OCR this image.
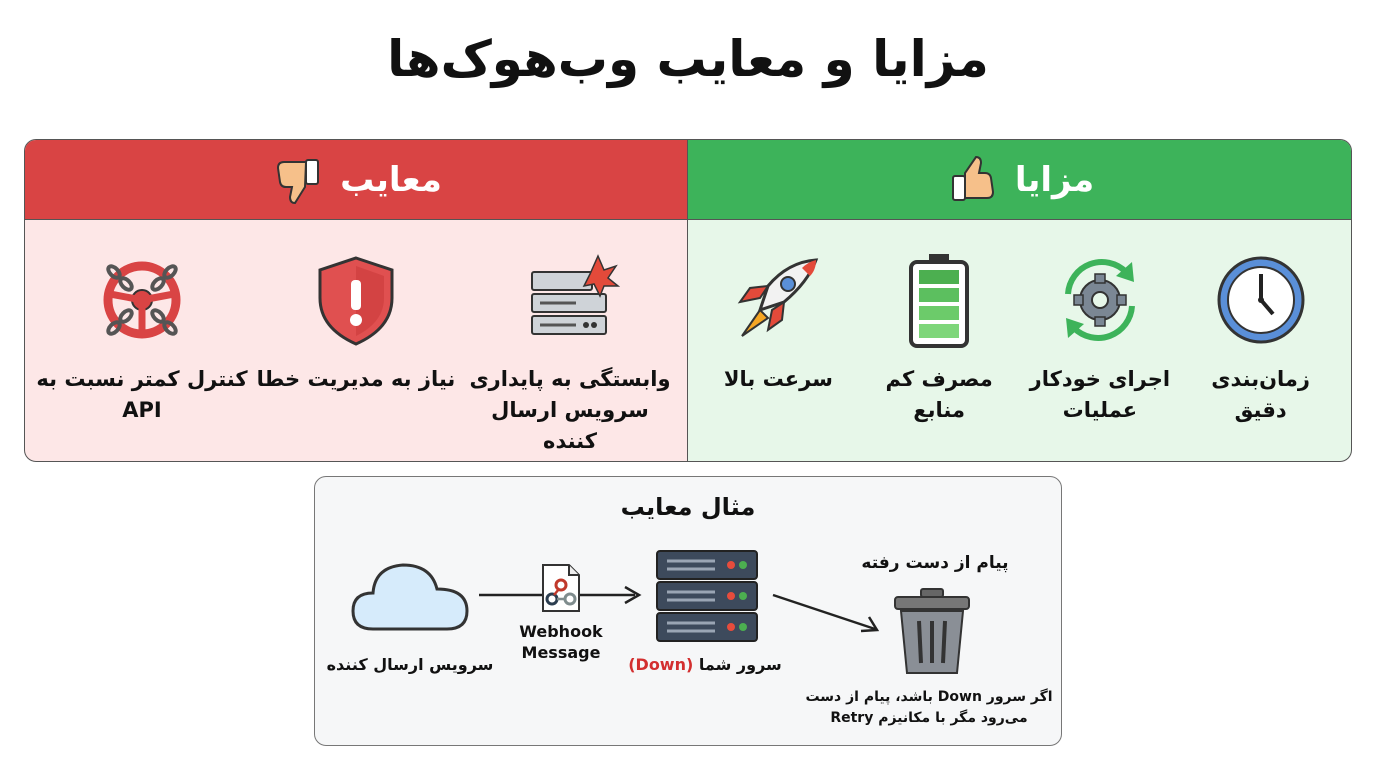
مزایا و معایب وب‌هوک‌ها
معایب
وابستگی به پایداری سرویس ارسال کننده
نیاز به مدیریت خطا
کنترل کمتر نسبت به API
مزایا
زمان‌بندی دقیق
اجرای خودکار عملیات
مصرف کم منابع
سرعت بالا
مثال معایب
سرویس ارسال کننده
Webhook
Message
سرور شما (Down)
پیام از دست رفته
اگر سرور Down باشد، پیام از دست
می‌رود مگر با مکانیزم Retry
